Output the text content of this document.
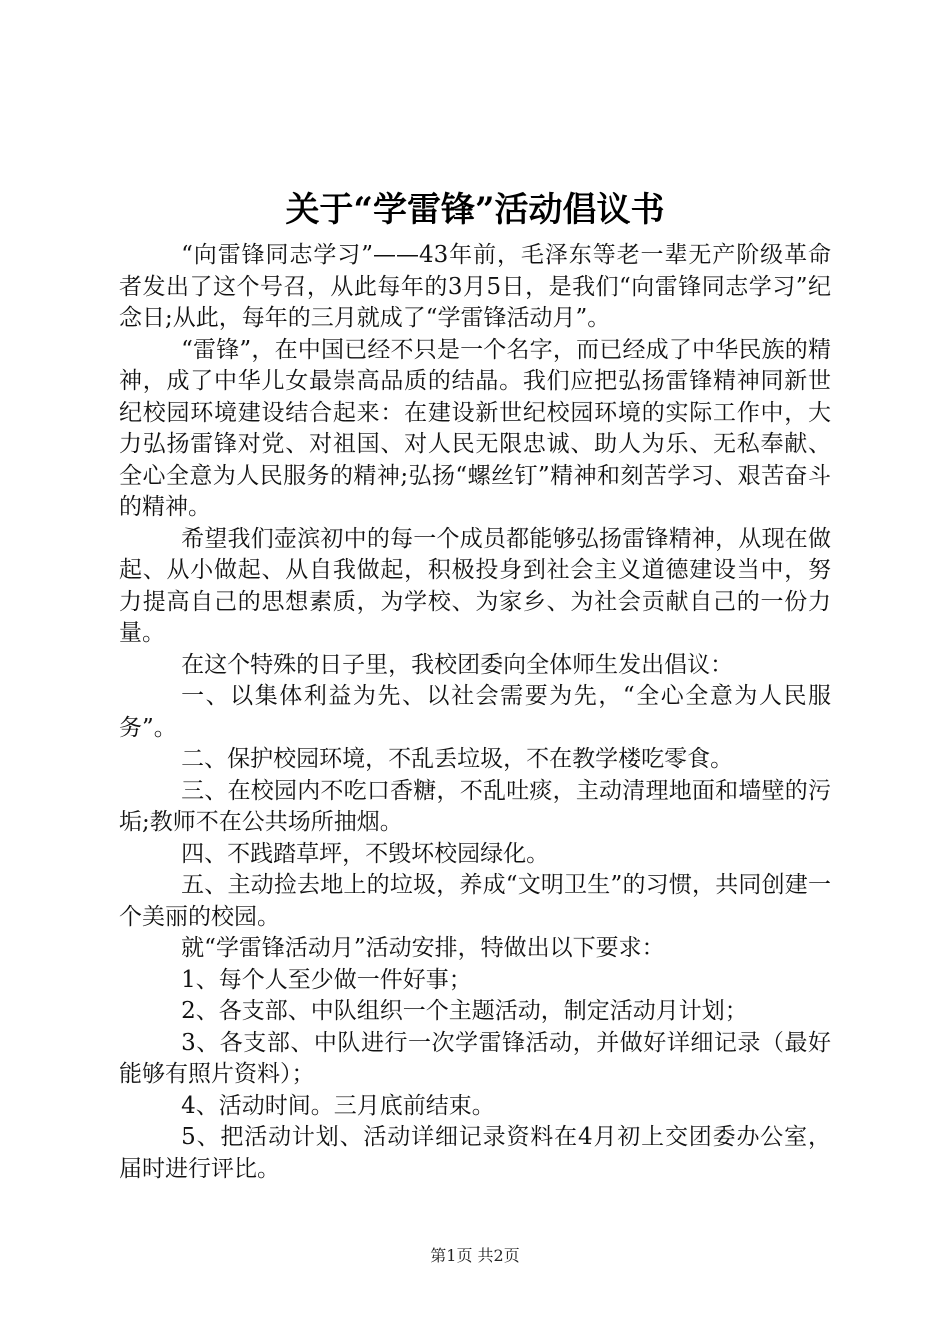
关于“学雷锋”活动倡议书

“向雷锋同志学习”——43年前，毛泽东等老一辈无产阶级革命者发出了这个号召，从此每年的3月5日，是我们“向雷锋同志学习”纪念日;从此，每年的三月就成了“学雷锋活动月”。

“雷锋”，在中国已经不只是一个名字，而已经成了中华民族的精神，成了中华儿女最崇高品质的结晶。我们应把弘扬雷锋精神同新世纪校园环境建设结合起来：在建设新世纪校园环境的实际工作中，大力弘扬雷锋对党、对祖国、对人民无限忠诚、助人为乐、无私奉献、全心全意为人民服务的精神;弘扬“螺丝钉”精神和刻苦学习、艰苦奋斗的精神。

希望我们壶滨初中的每一个成员都能够弘扬雷锋精神，从现在做起、从小做起、从自我做起，积极投身到社会主义道德建设当中，努力提高自己的思想素质，为学校、为家乡、为社会贡献自己的一份力量。

在这个特殊的日子里，我校团委向全体师生发出倡议：

一、以集体利益为先、以社会需要为先，“全心全意为人民服务”。

二、保护校园环境，不乱丢垃圾，不在教学楼吃零食。

三、在校园内不吃口香糖，不乱吐痰，主动清理地面和墙壁的污垢;教师不在公共场所抽烟。

四、不践踏草坪，不毁坏校园绿化。

五、主动捡去地上的垃圾，养成“文明卫生”的习惯，共同创建一个美丽的校园。

就“学雷锋活动月”活动安排，特做出以下要求：

1、每个人至少做一件好事；

2、各支部、中队组织一个主题活动，制定活动月计划；

3、各支部、中队进行一次学雷锋活动，并做好详细记录（最好能够有照片资料）；

4、活动时间。三月底前结束。

5、把活动计划、活动详细记录资料在4月初上交团委办公室，届时进行评比。

第1页 共2页
